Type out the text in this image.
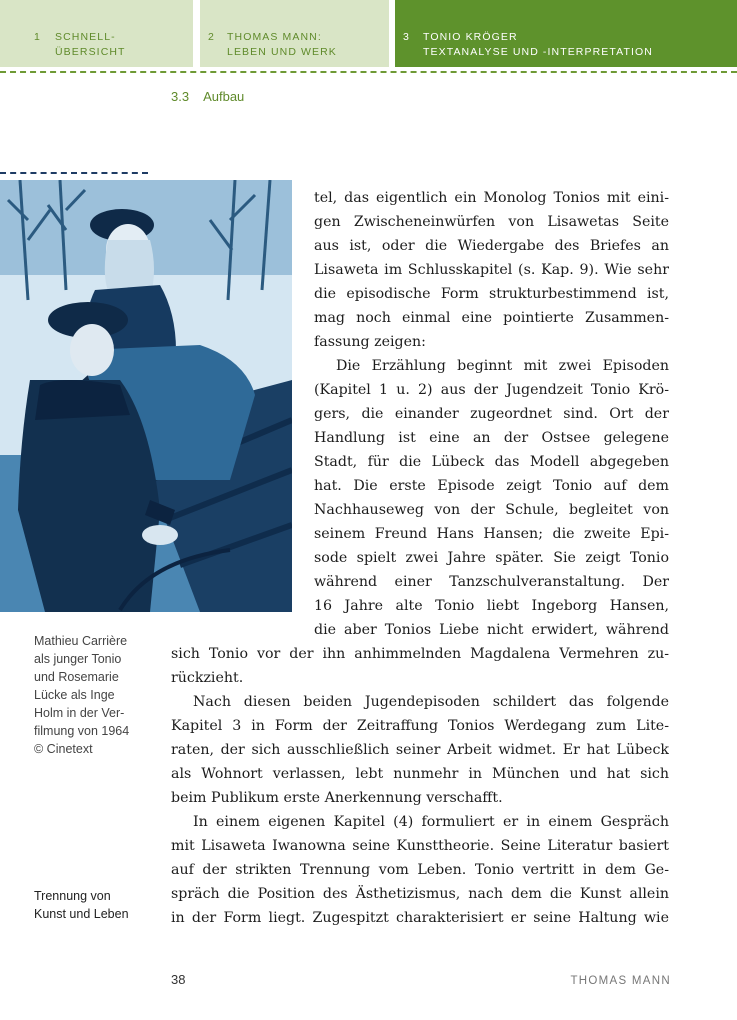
1 SCHNELL-
ÜBERSICHT
2 THOMAS MANN:
LEBEN UND WERK
3 TONIO KRÖGER
TEXTANALYSE UND -INTERPRETATION
3.3 Aufbau
Mathieu Carrière
als junger Tonio
und Rosemarie
Lücke als Inge
Holm in der Ver-
filmung von 1964
© Cinetext
Trennung von
Kunst und Leben
tel, das eigentlich ein Monolog Tonios mit eini-
gen Zwischeneinwürfen von Lisawetas Seite
aus ist, oder die Wiedergabe des Briefes an
Lisaweta im Schlusskapitel (s. Kap. 9). Wie sehr
die episodische Form strukturbestimmend ist,
mag noch einmal eine pointierte Zusammen-
fassung zeigen:
Die Erzählung beginnt mit zwei Episoden
(Kapitel 1 u. 2) aus der Jugendzeit Tonio Krö-
gers, die einander zugeordnet sind. Ort der
Handlung ist eine an der Ostsee gelegene
Stadt, für die Lübeck das Modell abgegeben
hat. Die erste Episode zeigt Tonio auf dem
Nachhauseweg von der Schule, begleitet von
seinem Freund Hans Hansen; die zweite Epi-
sode spielt zwei Jahre später. Sie zeigt Tonio
während einer Tanzschulveranstaltung. Der
16 Jahre alte Tonio liebt Ingeborg Hansen,
die aber Tonios Liebe nicht erwidert, während
sich Tonio vor der ihn anhimmelnden Magdalena Vermehren zu-
rückzieht.
Nach diesen beiden Jugendepisoden schildert das folgende
Kapitel 3 in Form der Zeitraffung Tonios Werdegang zum Lite-
raten, der sich ausschließlich seiner Arbeit widmet. Er hat Lübeck
als Wohnort verlassen, lebt nunmehr in München und hat sich
beim Publikum erste Anerkennung verschafft.
In einem eigenen Kapitel (4) formuliert er in einem Gespräch
mit Lisaweta Iwanowna seine Kunsttheorie. Seine Literatur basiert
auf der strikten Trennung vom Leben. Tonio vertritt in dem Ge-
spräch die Position des Ästhetizismus, nach dem die Kunst allein
in der Form liegt. Zugespitzt charakterisiert er seine Haltung wie
38	THOMAS MANN
